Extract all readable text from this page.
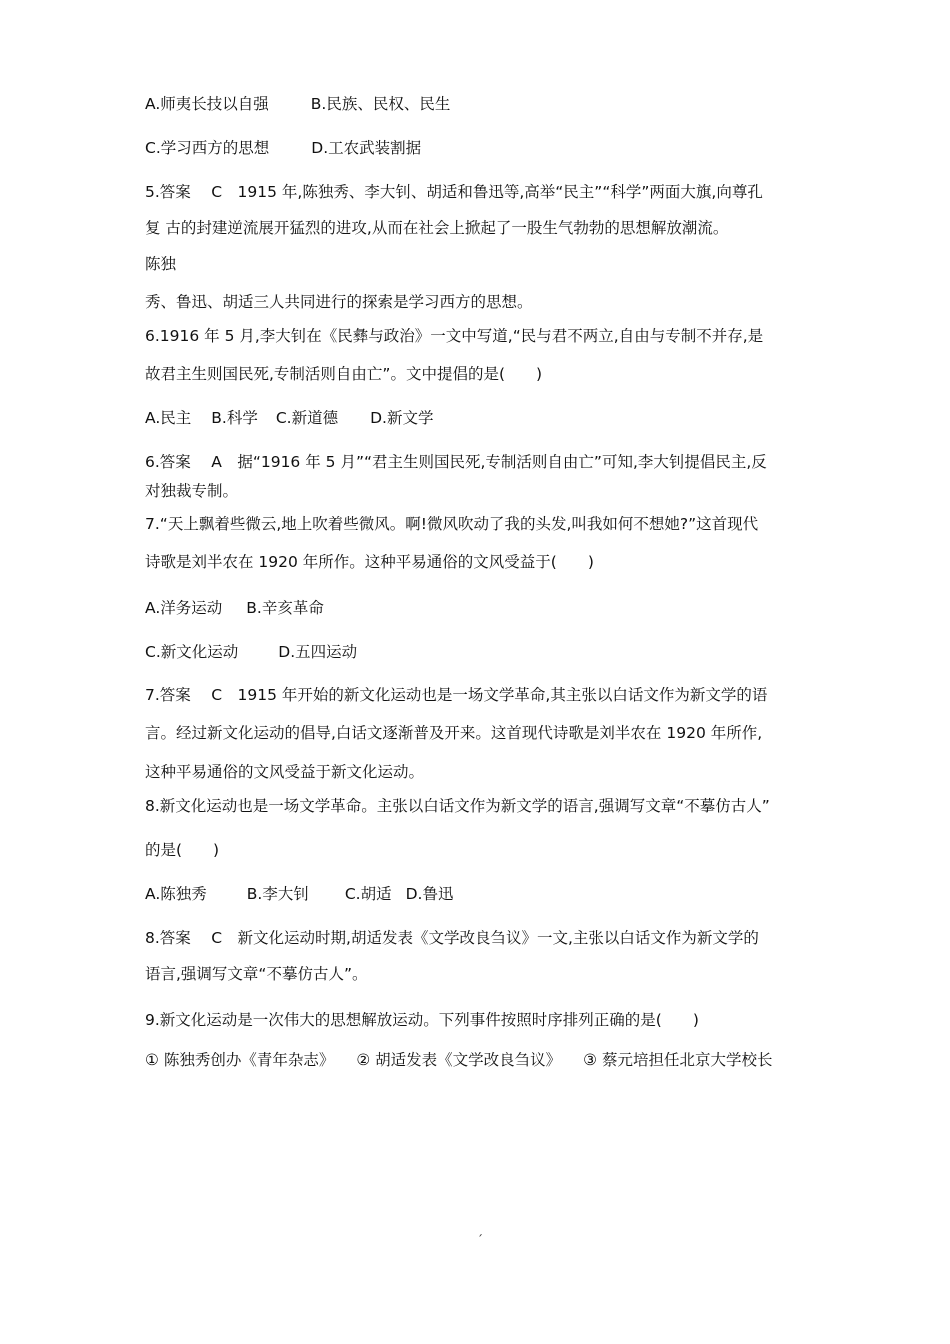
A.师夷长技以自强	B.民族、民权、民生
C.学习西方的思想	D.工农武装割据
5.答案　 C　1915 年,陈独秀、李大钊、胡适和鲁迅等,高举“民主”“科学”两面大旗,向尊孔
复 古的封建逆流展开猛烈的进攻,从而在社会上掀起了一股生气勃勃的思想解放潮流。
陈独
秀、鲁迅、胡适三人共同进行的探索是学习西方的思想。
6.1916 年 5 月,李大钊在《民彝与政治》一文中写道,“民与君不两立,自由与专制不并存,是
故君主生则国民死,专制活则自由亡”。文中提倡的是(　　)
A.民主 B.科学 C.新道德 D.新文学
6.答案　 A　据“1916 年 5 月”“君主生则国民死,专制活则自由亡”可知,李大钊提倡民主,反
对独裁专制。
7.“天上飘着些微云,地上吹着些微风。啊!微风吹动了我的头发,叫我如何不想她?”这首现代
诗歌是刘半农在 1920 年所作。这种平易通俗的文风受益于(　　)
A.洋务运动 B.辛亥革命
C.新文化运动	D.五四运动
7.答案　 C　1915 年开始的新文化运动也是一场文学革命,其主张以白话文作为新文学的语
言。经过新文化运动的倡导,白话文逐渐普及开来。这首现代诗歌是刘半农在 1920 年所作,
这种平易通俗的文风受益于新文化运动。
8.新文化运动也是一场文学革命。主张以白话文作为新文学的语言,强调写文章“不摹仿古人”
的是(　　)
A.陈独秀	B.李大钊 C.胡适 D.鲁迅
8.答案　 C　新文化运动时期,胡适发表《文学改良刍议》一文,主张以白话文作为新文学的
语言,强调写文章“不摹仿古人”。
9.新文化运动是一次伟大的思想解放运动。下列事件按照时序排列正确的是(　　)
① 陈独秀创办《青年杂志》 ② 胡适发表《文学改良刍议》 ③ 蔡元培担任北京大学校长
ˊ
